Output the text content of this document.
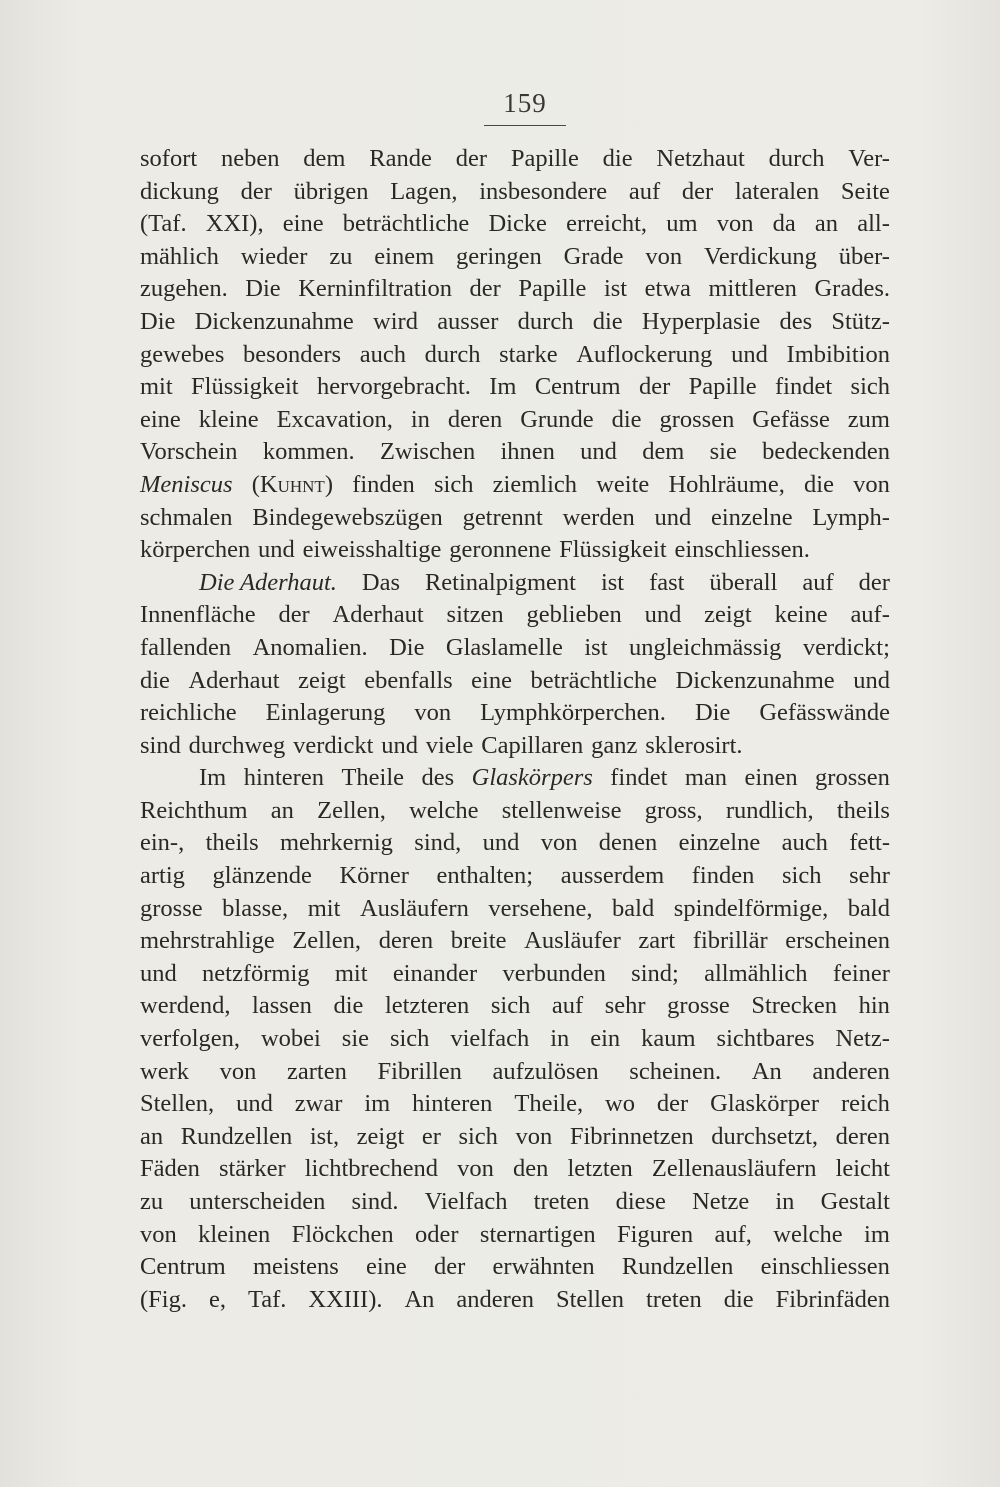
159
sofort neben dem Rande der Papille die Netzhaut durch Ver-
dickung der übrigen Lagen, insbesondere auf der lateralen Seite
(Taf. XXI), eine beträchtliche Dicke erreicht, um von da an all-
mählich wieder zu einem geringen Grade von Verdickung über-
zugehen. Die Kerninfiltration der Papille ist etwa mittleren Grades.
Die Dickenzunahme wird ausser durch die Hyperplasie des Stütz-
gewebes besonders auch durch starke Auflockerung und Imbibition
mit Flüssigkeit hervorgebracht. Im Centrum der Papille findet sich
eine kleine Excavation, in deren Grunde die grossen Gefässe zum
Vorschein kommen. Zwischen ihnen und dem sie bedeckenden
Meniscus (Kuhnt) finden sich ziemlich weite Hohlräume, die von
schmalen Bindegewebszügen getrennt werden und einzelne Lymph-
körperchen und eiweisshaltige geronnene Flüssigkeit einschliessen.
Die Aderhaut. Das Retinalpigment ist fast überall auf der
Innenfläche der Aderhaut sitzen geblieben und zeigt keine auf-
fallenden Anomalien. Die Glaslamelle ist ungleichmässig verdickt;
die Aderhaut zeigt ebenfalls eine beträchtliche Dickenzunahme und
reichliche Einlagerung von Lymphkörperchen. Die Gefässwände
sind durchweg verdickt und viele Capillaren ganz sklerosirt.
Im hinteren Theile des Glaskörpers findet man einen grossen
Reichthum an Zellen, welche stellenweise gross, rundlich, theils
ein-, theils mehrkernig sind, und von denen einzelne auch fett-
artig glänzende Körner enthalten; ausserdem finden sich sehr
grosse blasse, mit Ausläufern versehene, bald spindelförmige, bald
mehrstrahlige Zellen, deren breite Ausläufer zart fibrillär erscheinen
und netzförmig mit einander verbunden sind; allmählich feiner
werdend, lassen die letzteren sich auf sehr grosse Strecken hin
verfolgen, wobei sie sich vielfach in ein kaum sichtbares Netz-
werk von zarten Fibrillen aufzulösen scheinen. An anderen
Stellen, und zwar im hinteren Theile, wo der Glaskörper reich
an Rundzellen ist, zeigt er sich von Fibrinnetzen durchsetzt, deren
Fäden stärker lichtbrechend von den letzten Zellenausläufern leicht
zu unterscheiden sind. Vielfach treten diese Netze in Gestalt
von kleinen Flöckchen oder sternartigen Figuren auf, welche im
Centrum meistens eine der erwähnten Rundzellen einschliessen
(Fig. e, Taf. XXIII). An anderen Stellen treten die Fibrinfäden
